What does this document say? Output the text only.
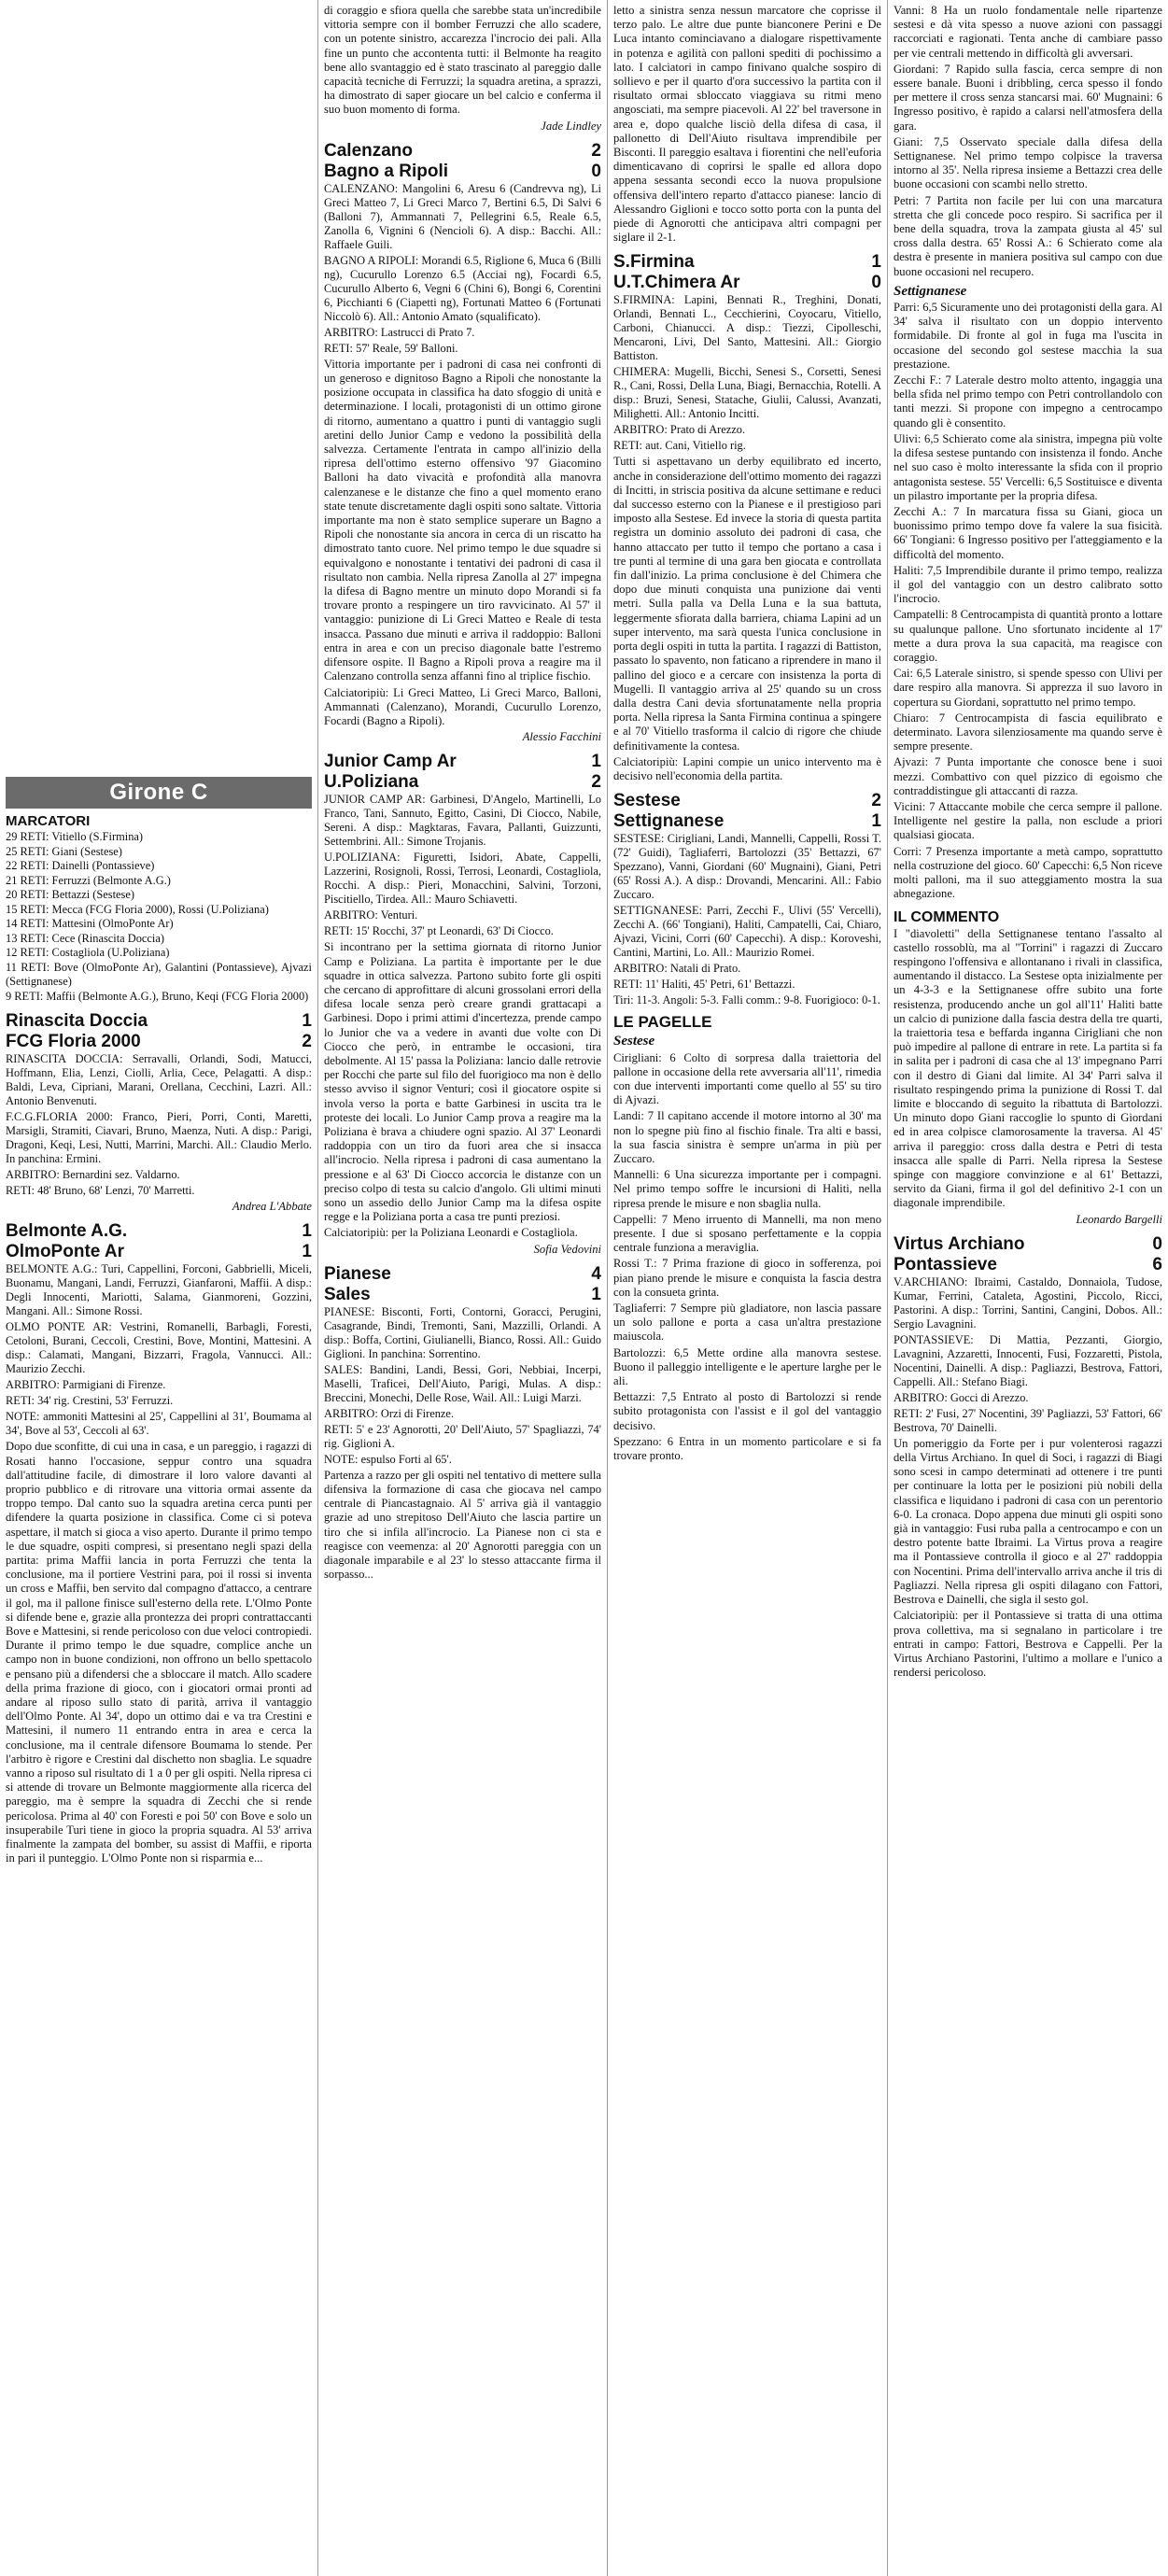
Girone C
MARCATORI

29 RETI: Vitiello (S.Firmina)

25 RETI: Giani (Sestese)

22 RETI: Dainelli (Pontassieve)

21 RETI: Ferruzzi (Belmonte A.G.)

20 RETI: Bettazzi (Sestese)

15 RETI: Mecca (FCG Floria 2000), Rossi (U.Poliziana)

14 RETI: Mattesini (OlmoPonte Ar)

13 RETI: Cece (Rinascita Doccia)

12 RETI: Costagliola (U.Poliziana)

11 RETI: Bove (OlmoPonte Ar), Galantini (Pontassieve), Ajvazi (Settignanese)

9 RETI: Maffii (Belmonte A.G.), Bruno, Keqi (FCG Floria 2000)

Rinascita Doccia	1
FCG Floria 2000	2

RINASCITA DOCCIA: Serravalli, Orlandi, Sodi, Matucci, Hoffmann, Elia, Lenzi, Ciolli, Arlia, Cece, Pelagatti. A disp.: Baldi, Leva, Cipriani, Marani, Orellana, Cecchini, Lazri. All.: Antonio Benvenuti.

F.C.G.FLORIA 2000: Franco, Pieri, Porri, Conti, Maretti, Marsigli, Stramiti, Ciavari, Bruno, Maenza, Nuti. A disp.: Parigi, Dragoni, Keqi, Lesi, Nutti, Marrini, Marchi. All.: Claudio Merlo. In panchina: Ermini.

ARBITRO: Bernardini sez. Valdarno.

RETI: 48' Bruno, 68' Lenzi, 70' Marretti.

Andrea L'Abbate
Belmonte A.G.	1
OlmoPonte Ar	1

BELMONTE A.G.: Turi, Cappellini, Forconi, Gabbrielli, Miceli, Buonamu, Mangani, Landi, Ferruzzi, Gianfaroni, Maffii. A disp.: Degli Innocenti, Mariotti, Salama, Gianmoreni, Gozzini, Mangani. All.: Simone Rossi.

OLMO PONTE AR: Vestrini, Romanelli, Barbagli, Foresti, Cetoloni, Burani, Ceccoli, Crestini, Bove, Montini, Mattesini. A disp.: Calamati, Mangani, Bizzarri, Fragola, Vannucci. All.: Maurizio Zecchi.

ARBITRO: Parmigiani di Firenze.

RETI: 34' rig. Crestini, 53' Ferruzzi.

NOTE: ammoniti Mattesini al 25', Cappellini al 31', Boumama al 34', Bove al 53', Ceccoli al 63'.

Dopo due sconfitte, di cui una in casa, e un pareggio, i ragazzi di Rosati hanno l'occasione, seppur contro una squadra dall'attitudine facile, di dimostrare il loro valore davanti al proprio pubblico e di ritrovare una vittoria ormai assente da troppo tempo. Dal canto suo la squadra aretina cerca punti per difendere la quarta posizione in classifica. Come ci si poteva aspettare, il match si gioca a viso aperto. Durante il primo tempo le due squadre, ospiti compresi, si presentano negli spazi della partita: prima Maffii lancia in porta Ferruzzi che tenta la conclusione, ma il portiere Vestrini para, poi il rossi si inventa un cross e Maffii, ben servito dal compagno d'attacco, a centrare il gol, ma il pallone finisce sull'esterno della rete. L'Olmo Ponte si difende bene e, grazie alla prontezza dei propri contrattaccanti Bove e Mattesini, si rende pericoloso con due veloci contropiedi. Durante il primo tempo le due squadre, complice anche un campo non in buone condizioni, non offrono un bello spettacolo e pensano più a difendersi che a sbloccare il match. Allo scadere della prima frazione di gioco, con i giocatori ormai pronti ad andare al riposo sullo stato di parità, arriva il vantaggio dell'Olmo Ponte. Al 34', dopo un ottimo dai e va tra Crestini e Mattesini, il numero 11 entrando entra in area e cerca la conclusione, ma il centrale difensore Boumama lo stende. Per l'arbitro è rigore e Crestini dal dischetto non sbaglia. Le squadre vanno a riposo sul risultato di 1 a 0 per gli ospiti. Nella ripresa ci si attende di trovare un Belmonte maggiormente alla ricerca del pareggio, ma è sempre la squadra di Zecchi che si rende pericolosa. Prima al 40' con Foresti e poi 50' con Bove e solo un insuperabile Turi tiene in gioco la propria squadra. Al 53' arriva finalmente la zampata del bomber, su assist di Maffii, e riporta in pari il punteggio. L'Olmo Ponte non si risparmia e...

di coraggio e sfiora quella che sarebbe stata un'incredibile vittoria sempre con il bomber Ferruzzi che allo scadere, con un potente sinistro, accarezza l'incrocio dei pali. Alla fine un punto che accontenta tutti: il Belmonte ha reagito bene allo svantaggio ed è stato trascinato al pareggio dalle capacità tecniche di Ferruzzi; la squadra aretina, a sprazzi, ha dimostrato di saper giocare un bel calcio e conferma il suo buon momento di forma.

Jade Lindley
Calenzano	2
Bagno a Ripoli	0

CALENZANO: Mangolini 6, Aresu 6 (Candrevva ng), Li Greci Matteo 7, Li Greci Marco 7, Bertini 6.5, Di Salvi 6 (Balloni 7), Ammannati 7, Pellegrini 6.5, Reale 6.5, Zanolla 6, Vignini 6 (Nencioli 6). A disp.: Bacchi. All.: Raffaele Guili.

BAGNO A RIPOLI: Morandi 6.5, Riglione 6, Muca 6 (Billi ng), Cucurullo Lorenzo 6.5 (Acciai ng), Focardi 6.5, Cucurullo Alberto 6, Vegni 6 (Chini 6), Bongi 6, Corentini 6, Picchianti 6 (Ciapetti ng), Fortunati Matteo 6 (Fortunati Niccolò 6). All.: Antonio Amato (squalificato).

ARBITRO: Lastrucci di Prato 7.

RETI: 57' Reale, 59' Balloni.

Vittoria importante per i padroni di casa nei confronti di un generoso e dignitoso Bagno a Ripoli che nonostante la posizione occupata in classifica ha dato sfoggio di unità e determinazione. I locali, protagonisti di un ottimo girone di ritorno, aumentano a quattro i punti di vantaggio sugli aretini dello Junior Camp e vedono la possibilità della salvezza. Certamente l'entrata in campo all'inizio della ripresa dell'ottimo esterno offensivo '97 Giacomino Balloni ha dato vivacità e profondità alla manovra calenzanese e le distanze che fino a quel momento erano state tenute discretamente dagli ospiti sono saltate. Vittoria importante ma non è stato semplice superare un Bagno a Ripoli che nonostante sia ancora in cerca di un riscatto ha dimostrato tanto cuore. Nel primo tempo le due squadre si equivalgono e nonostante i tentativi dei padroni di casa il risultato non cambia. Nella ripresa Zanolla al 27' impegna la difesa di Bagno mentre un minuto dopo Morandi si fa trovare pronto a respingere un tiro ravvicinato. Al 57' il vantaggio: punizione di Li Greci Matteo e Reale di testa insacca. Passano due minuti e arriva il raddoppio: Balloni entra in area e con un preciso diagonale batte l'estremo difensore ospite. Il Bagno a Ripoli prova a reagire ma il Calenzano controlla senza affanni fino al triplice fischio.

Calciatoripiù: Li Greci Matteo, Li Greci Marco, Balloni, Ammannati (Calenzano), Morandi, Cucurullo Lorenzo, Focardi (Bagno a Ripoli).

Alessio Facchini
Junior Camp Ar	1
U.Poliziana	2

JUNIOR CAMP AR: Garbinesi, D'Angelo, Martinelli, Lo Franco, Tani, Sannuto, Egitto, Casini, Di Ciocco, Nabile, Sereni. A disp.: Magktaras, Favara, Pallanti, Guizzunti, Settembrini. All.: Simone Trojanis.

U.POLIZIANA: Figuretti, Isidori, Abate, Cappelli, Lazzerini, Rosignoli, Rossi, Terrosi, Leonardi, Costagliola, Rocchi. A disp.: Pieri, Monacchini, Salvini, Torzoni, Piscitiello, Tirdea. All.: Mauro Schiavetti.

ARBITRO: Venturi.

RETI: 15' Rocchi, 37' pt Leonardi, 63' Di Ciocco.

Si incontrano per la settima giornata di ritorno Junior Camp e Poliziana. La partita è importante per le due squadre in ottica salvezza. Partono subito forte gli ospiti che cercano di approfittare di alcuni grossolani errori della difesa locale senza però creare grandi grattacapi a Garbinesi. Dopo i primi attimi d'incertezza, prende campo lo Junior che va a vedere in avanti due volte con Di Ciocco che però, in entrambe le occasioni, tira debolmente. Al 15' passa la Poliziana: lancio dalle retrovie per Rocchi che parte sul filo del fuorigioco ma non è dello stesso avviso il signor Venturi; così il giocatore ospite si invola verso la porta e batte Garbinesi in uscita tra le proteste dei locali. Lo Junior Camp prova a reagire ma la Poliziana è brava a chiudere ogni spazio. Al 37' Leonardi raddoppia con un tiro da fuori area che si insacca all'incrocio. Nella ripresa i padroni di casa aumentano la pressione e al 63' Di Ciocco accorcia le distanze con un preciso colpo di testa su calcio d'angolo. Gli ultimi minuti sono un assedio dello Junior Camp ma la difesa ospite regge e la Poliziana porta a casa tre punti preziosi.

Calciatoripiù: per la Poliziana Leonardi e Costagliola.

Sofia Vedovini
Pianese	4
Sales	1

PIANESE: Bisconti, Forti, Contorni, Goracci, Perugini, Casagrande, Bindi, Tremonti, Sani, Mazzilli, Orlandi. A disp.: Boffa, Cortini, Giulianelli, Bianco, Rossi. All.: Guido Giglioni. In panchina: Sorrentino.

SALES: Bandini, Landi, Bessi, Gori, Nebbiai, Incerpi, Maselli, Traficei, Dell'Aiuto, Parigi, Mulas. A disp.: Breccini, Monechi, Delle Rose, Wail. All.: Luigi Marzi.

ARBITRO: Orzi di Firenze.

RETI: 5' e 23' Agnorotti, 20' Dell'Aiuto, 57' Spagliazzi, 74' rig. Giglioni A.

NOTE: espulso Forti al 65'.

Partenza a razzo per gli ospiti nel tentativo di mettere sulla difensiva la formazione di casa che giocava nel campo centrale di Piancastagnaio. Al 5' arriva già il vantaggio grazie ad uno strepitoso Dell'Aiuto che lascia partire un tiro che si infila all'incrocio. La Pianese non ci sta e reagisce con veemenza: al 20' Agnorotti pareggia con un diagonale imparabile e al 23' lo stesso attaccante firma il sorpasso...

letto a sinistra senza nessun marcatore che coprisse il terzo palo. Le altre due punte bianconere Perini e De Luca intanto cominciavano a dialogare rispettivamente in potenza e agilità con palloni spediti di pochissimo a lato. I calciatori in campo finivano qualche sospiro di sollievo e per il quarto d'ora successivo la partita con il risultato ormai sbloccato viaggiava su ritmi meno angosciati, ma sempre piacevoli. Al 22' bel traversone in area e, dopo qualche lisciò della difesa di casa, il pallonetto di Dell'Aiuto risultava imprendibile per Bisconti. Il pareggio esaltava i fiorentini che nell'euforia dimenticavano di coprirsi le spalle ed allora dopo appena sessanta secondi ecco la nuova propulsione offensiva dell'intero reparto d'attacco pianese: lancio di Alessandro Giglioni e tocco sotto porta con la punta del piede di Agnorotti che anticipava altri compagni per siglare il 2-1.

S.Firmina	1
U.T.Chimera Ar	0

S.FIRMINA: Lapini, Bennati R., Treghini, Donati, Orlandi, Bennati L., Cecchierini, Coyocaru, Vitiello, Carboni, Chianucci. A disp.: Tiezzi, Cipolleschi, Mencaroni, Livi, Del Santo, Mattesini. All.: Giorgio Battiston.

CHIMERA: Mugelli, Bicchi, Senesi S., Corsetti, Senesi R., Cani, Rossi, Della Luna, Biagi, Bernacchia, Rotelli. A disp.: Bruzi, Senesi, Statache, Giulii, Calussi, Avanzati, Milighetti. All.: Antonio Incitti.

ARBITRO: Prato di Arezzo.

RETI: aut. Cani, Vitiello rig.

Tutti si aspettavano un derby equilibrato ed incerto, anche in considerazione dell'ottimo momento dei ragazzi di Incitti, in striscia positiva da alcune settimane e reduci dal successo esterno con la Pianese e il prestigioso pari imposto alla Sestese. Ed invece la storia di questa partita registra un dominio assoluto dei padroni di casa, che hanno attaccato per tutto il tempo che portano a casa i tre punti al termine di una gara ben giocata e controllata fin dall'inizio. La prima conclusione è del Chimera che dopo due minuti conquista una punizione dai venti metri. Sulla palla va Della Luna e la sua battuta, leggermente sfiorata dalla barriera, chiama Lapini ad un super intervento, ma sarà questa l'unica conclusione in porta degli ospiti in tutta la partita. I ragazzi di Battiston, passato lo spavento, non faticano a riprendere in mano il pallino del gioco e a cercare con insistenza la porta di Mugelli. Il vantaggio arriva al 25' quando su un cross dalla destra Cani devia sfortunatamente nella propria porta. Nella ripresa la Santa Firmina continua a spingere e al 70' Vitiello trasforma il calcio di rigore che chiude definitivamente la contesa.

Calciatoripiù: Lapini compie un unico intervento ma è decisivo nell'economia della partita.

Sestese	2
Settignanese	1

SESTESE: Cirigliani, Landi, Mannelli, Cappelli, Rossi T. (72' Guidi), Tagliaferri, Bartolozzi (35' Bettazzi, 67' Spezzano), Vanni, Giordani (60' Mugnaini), Giani, Petri (65' Rossi A.). A disp.: Drovandi, Mencarini. All.: Fabio Zuccaro.

SETTIGNANESE: Parri, Zecchi F., Ulivi (55' Vercelli), Zecchi A. (66' Tongiani), Haliti, Campatelli, Cai, Chiaro, Ajvazi, Vicini, Corri (60' Capecchi). A disp.: Koroveshi, Cantini, Martini, Lo. All.: Maurizio Romei.

ARBITRO: Natali di Prato.

RETI: 11' Haliti, 45' Petri, 61' Bettazzi.

Tiri: 11-3. Angoli: 5-3. Falli comm.: 9-8. Fuorigioco: 0-1.

LE PAGELLE
Sestese

Cirigliani: 6 Colto di sorpresa dalla traiettoria del pallone in occasione della rete avversaria all'11', rimedia con due interventi importanti come quello al 55' su tiro di Ajvazi.

Landi: 7 Il capitano accende il motore intorno al 30' ma non lo spegne più fino al fischio finale. Tra alti e bassi, la sua fascia sinistra è sempre un'arma in più per Zuccaro.

Mannelli: 6 Una sicurezza importante per i compagni. Nel primo tempo soffre le incursioni di Haliti, nella ripresa prende le misure e non sbaglia nulla.

Cappelli: 7 Meno irruento di Mannelli, ma non meno presente. I due si sposano perfettamente e la coppia centrale funziona a meraviglia.

Rossi T.: 7 Prima frazione di gioco in sofferenza, poi pian piano prende le misure e conquista la fascia destra con la consueta grinta.

Tagliaferri: 7 Sempre più gladiatore, non lascia passare un solo pallone e porta a casa un'altra prestazione maiuscola.

Bartolozzi: 6,5 Mette ordine alla manovra sestese. Buono il palleggio intelligente e le aperture larghe per le ali.

Bettazzi: 7,5 Entrato al posto di Bartolozzi si rende subito protagonista con l'assist e il gol del vantaggio decisivo.

Spezzano: 6 Entra in un momento particolare e si fa trovare pronto.

Vanni: 8 Ha un ruolo fondamentale nelle ripartenze sestesi e dà vita spesso a nuove azioni con passaggi raccorciati e ragionati. Tenta anche di cambiare passo per vie centrali mettendo in difficoltà gli avversari.

Giordani: 7 Rapido sulla fascia, cerca sempre di non essere banale. Buoni i dribbling, cerca spesso il fondo per mettere il cross senza stancarsi mai. 60' Mugnaini: 6 Ingresso positivo, è rapido a calarsi nell'atmosfera della gara.

Giani: 7,5 Osservato speciale dalla difesa della Settignanese. Nel primo tempo colpisce la traversa intorno al 35'. Nella ripresa insieme a Bettazzi crea delle buone occasioni con scambi nello stretto.

Petri: 7 Partita non facile per lui con una marcatura stretta che gli concede poco respiro. Si sacrifica per il bene della squadra, trova la zampata giusta al 45' sul cross dalla destra. 65' Rossi A.: 6 Schierato come ala destra è presente in maniera positiva sul campo con due buone occasioni nel recupero.

Settignanese

Parri: 6,5 Sicuramente uno dei protagonisti della gara. Al 34' salva il risultato con un doppio intervento formidabile. Di fronte al gol in fuga ma l'uscita in occasione del secondo gol sestese macchia la sua prestazione.

Zecchi F.: 7 Laterale destro molto attento, ingaggia una bella sfida nel primo tempo con Petri controllandolo con tanti mezzi. Si propone con impegno a centrocampo quando gli è consentito.

Ulivi: 6,5 Schierato come ala sinistra, impegna più volte la difesa sestese puntando con insistenza il fondo. Anche nel suo caso è molto interessante la sfida con il proprio antagonista sestese. 55' Vercelli: 6,5 Sostituisce e diventa un pilastro importante per la propria difesa.

Zecchi A.: 7 In marcatura fissa su Giani, gioca un buonissimo primo tempo dove fa valere la sua fisicità. 66' Tongiani: 6 Ingresso positivo per l'atteggiamento e la difficoltà del momento.

Haliti: 7,5 Imprendibile durante il primo tempo, realizza il gol del vantaggio con un destro calibrato sotto l'incrocio.

Campatelli: 8 Centrocampista di quantità pronto a lottare su qualunque pallone. Uno sfortunato incidente al 17' mette a dura prova la sua capacità, ma reagisce con coraggio.

Cai: 6,5 Laterale sinistro, si spende spesso con Ulivi per dare respiro alla manovra. Si apprezza il suo lavoro in copertura su Giordani, soprattutto nel primo tempo.

Chiaro: 7 Centrocampista di fascia equilibrato e determinato. Lavora silenziosamente ma quando serve è sempre presente.

Ajvazi: 7 Punta importante che conosce bene i suoi mezzi. Combattivo con quel pizzico di egoismo che contraddistingue gli attaccanti di razza.

Vicini: 7 Attaccante mobile che cerca sempre il pallone. Intelligente nel gestire la palla, non esclude a priori qualsiasi giocata.

Corri: 7 Presenza importante a metà campo, soprattutto nella costruzione del gioco. 60' Capecchi: 6,5 Non riceve molti palloni, ma il suo atteggiamento mostra la sua abnegazione.

IL COMMENTO

I "diavoletti" della Settignanese tentano l'assalto al castello rossoblù, ma al "Torrini" i ragazzi di Zuccaro respingono l'offensiva e allontanano i rivali in classifica, aumentando il distacco. La Sestese opta inizialmente per un 4-3-3 e la Settignanese offre subito una forte resistenza, producendo anche un gol all'11' Haliti batte un calcio di punizione dalla fascia destra della tre quarti, la traiettoria tesa e beffarda inganna Cirigliani che non può impedire al pallone di entrare in rete. La partita si fa in salita per i padroni di casa che al 13' impegnano Parri con il destro di Giani dal limite. Al 34' Parri salva il risultato respingendo prima la punizione di Rossi T. dal limite e bloccando di seguito la ribattuta di Bartolozzi. Un minuto dopo Giani raccoglie lo spunto di Giordani ed in area colpisce clamorosamente la traversa. Al 45' arriva il pareggio: cross dalla destra e Petri di testa insacca alle spalle di Parri. Nella ripresa la Sestese spinge con maggiore convinzione e al 61' Bettazzi, servito da Giani, firma il gol del definitivo 2-1 con un diagonale imprendibile.

Leonardo Bargelli
Virtus Archiano	0
Pontassieve	6

V.ARCHIANO: Ibraimi, Castaldo, Donnaiola, Tudose, Kumar, Ferrini, Cataleta, Agostini, Piccolo, Ricci, Pastorini. A disp.: Torrini, Santini, Cangini, Dobos. All.: Sergio Lavagnini.

PONTASSIEVE: Di Mattia, Pezzanti, Giorgio, Lavagnini, Azzaretti, Innocenti, Fusi, Fozzaretti, Pistola, Nocentini, Dainelli. A disp.: Pagliazzi, Bestrova, Fattori, Cappelli. All.: Stefano Biagi.

ARBITRO: Gocci di Arezzo.

RETI: 2' Fusi, 27' Nocentini, 39' Pagliazzi, 53' Fattori, 66' Bestrova, 70' Dainelli.

Un pomeriggio da Forte per i pur volenterosi ragazzi della Virtus Archiano. In quel di Soci, i ragazzi di Biagi sono scesi in campo determinati ad ottenere i tre punti per continuare la lotta per le posizioni più nobili della classifica e liquidano i padroni di casa con un perentorio 6-0. La cronaca. Dopo appena due minuti gli ospiti sono già in vantaggio: Fusi ruba palla a centrocampo e con un destro potente batte Ibraimi. La Virtus prova a reagire ma il Pontassieve controlla il gioco e al 27' raddoppia con Nocentini. Prima dell'intervallo arriva anche il tris di Pagliazzi. Nella ripresa gli ospiti dilagano con Fattori, Bestrova e Dainelli, che sigla il sesto gol.

Calciatoripiù: per il Pontassieve si tratta di una ottima prova collettiva, ma si segnalano in particolare i tre entrati in campo: Fattori, Bestrova e Cappelli. Per la Virtus Archiano Pastorini, l'ultimo a mollare e l'unico a rendersi pericoloso.
